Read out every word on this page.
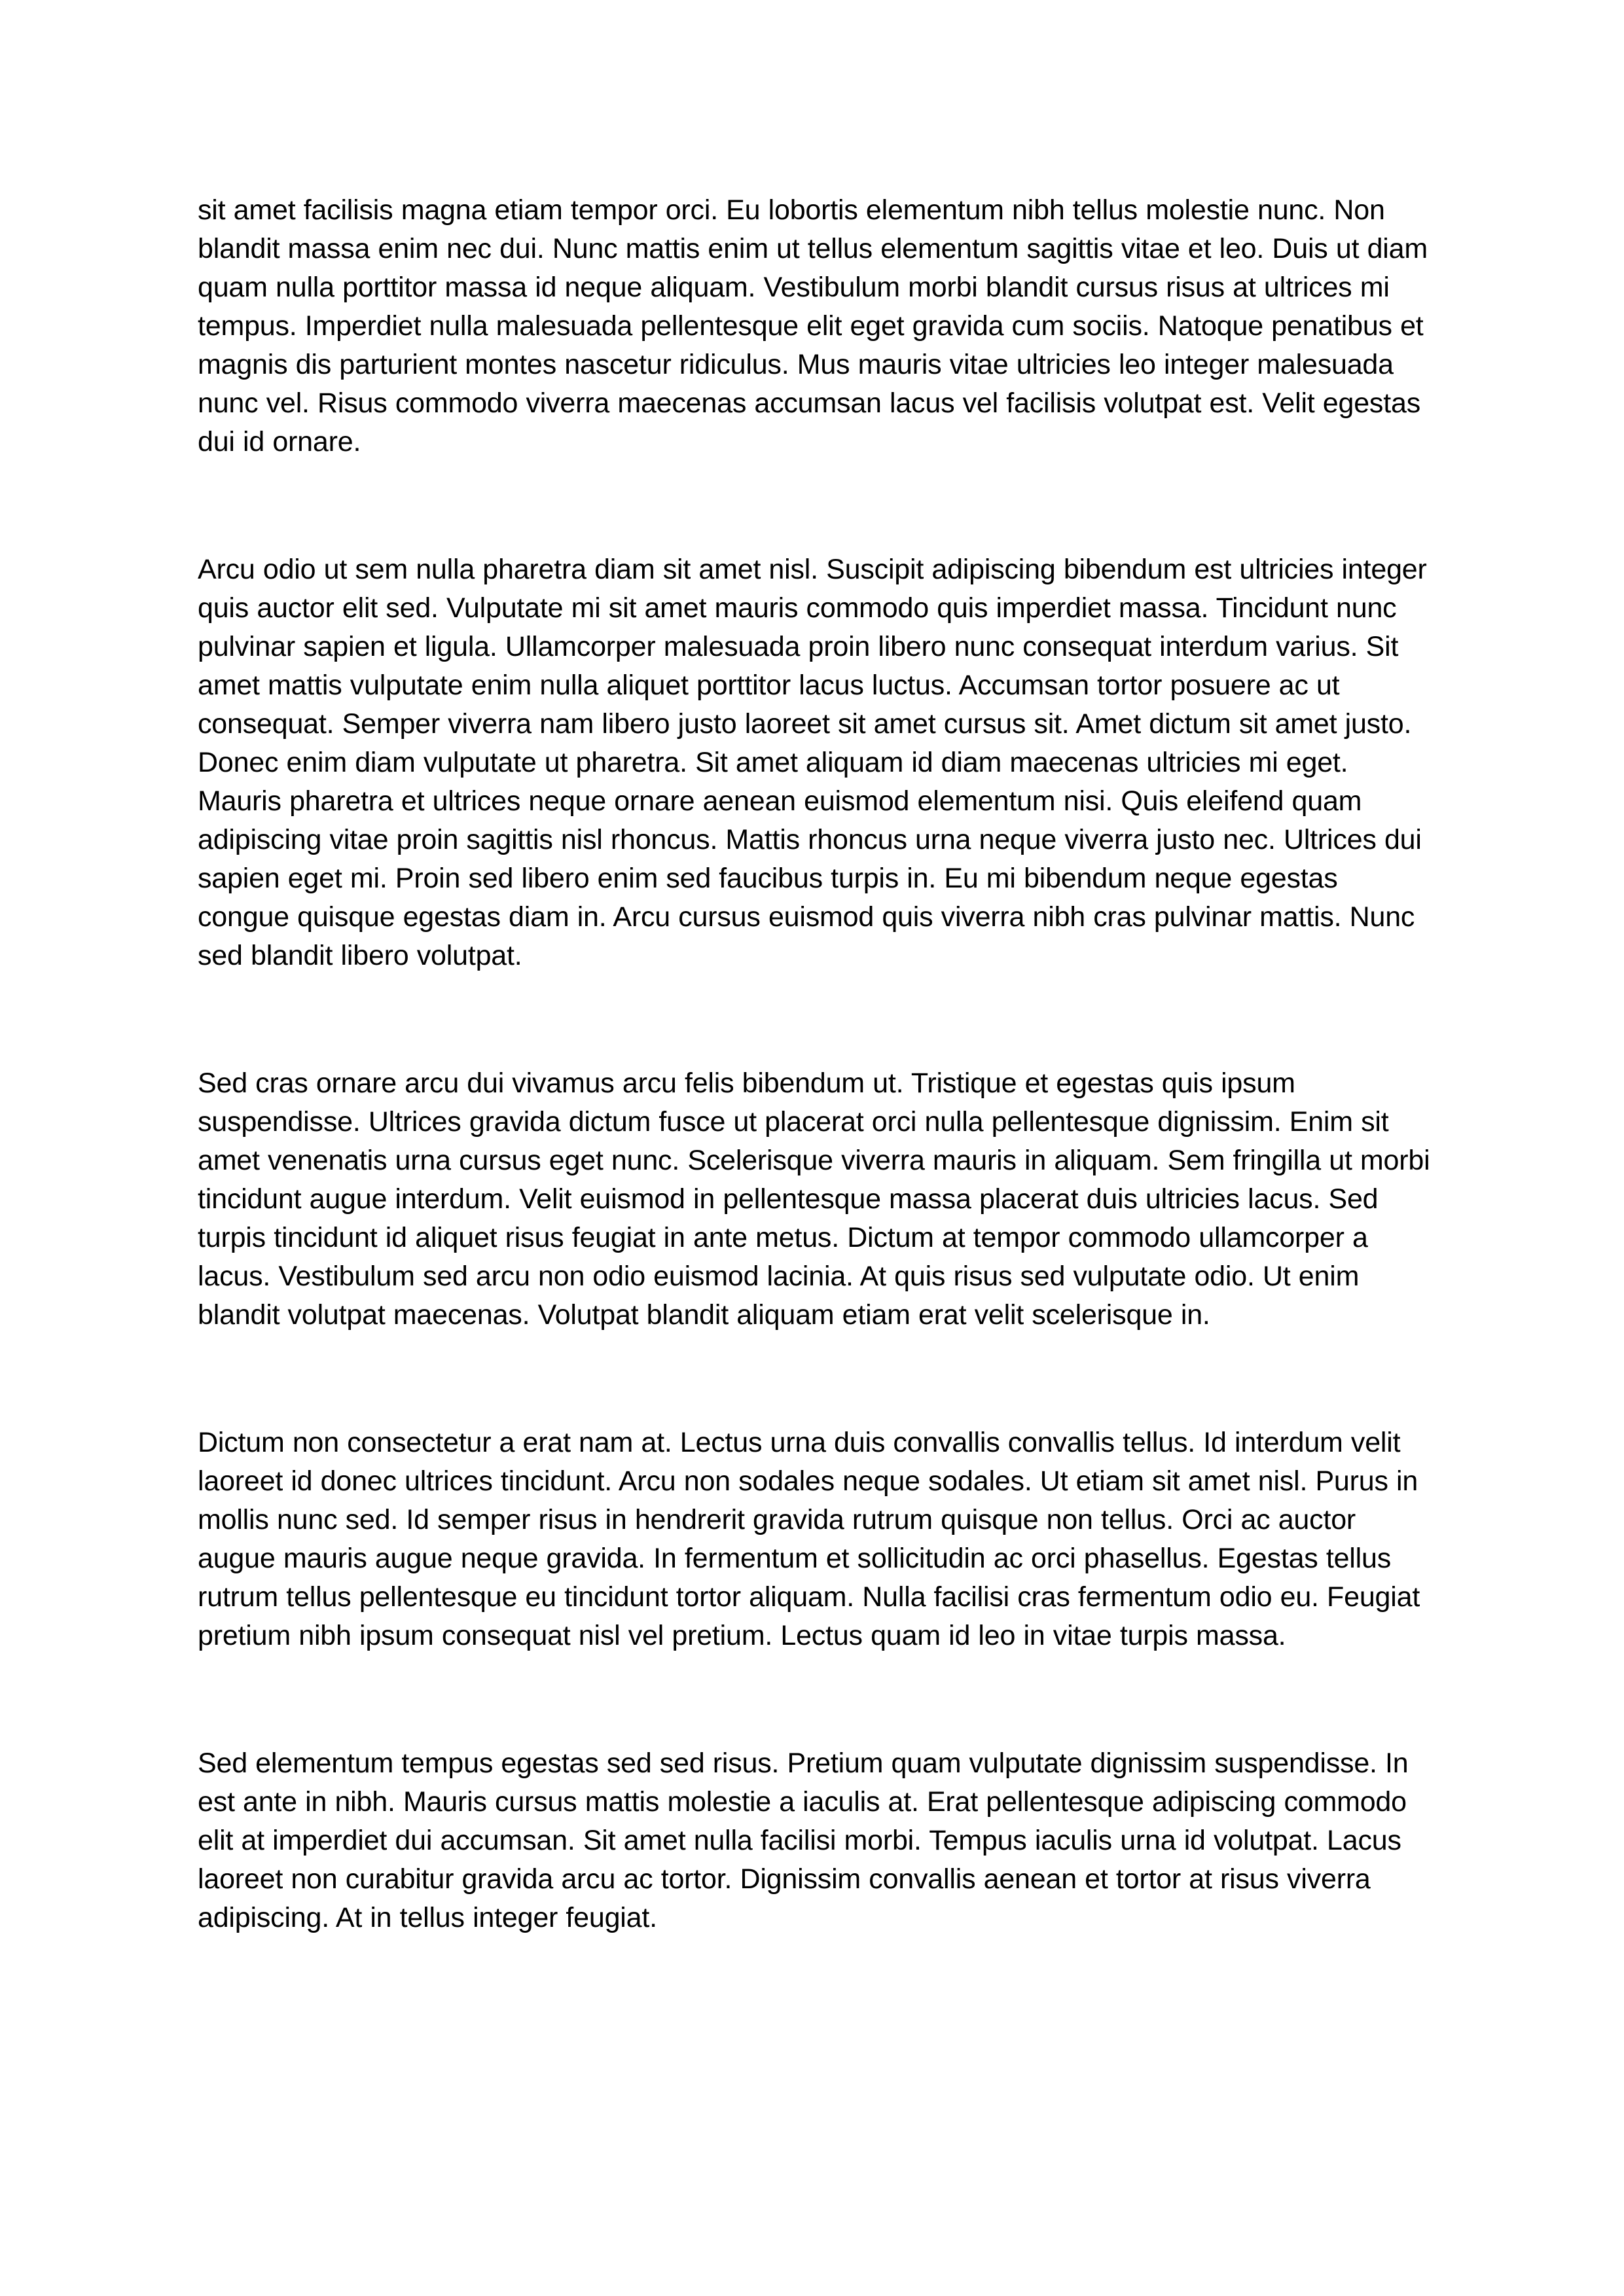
sit amet facilisis magna etiam tempor orci. Eu lobortis elementum nibh tellus molestie nunc. Non blandit massa enim nec dui. Nunc mattis enim ut tellus elementum sagittis vitae et leo. Duis ut diam quam nulla porttitor massa id neque aliquam. Vestibulum morbi blandit cursus risus at ultrices mi tempus. Imperdiet nulla malesuada pellentesque elit eget gravida cum sociis. Natoque penatibus et magnis dis parturient montes nascetur ridiculus. Mus mauris vitae ultricies leo integer malesuada nunc vel. Risus commodo viverra maecenas accumsan lacus vel facilisis volutpat est. Velit egestas dui id ornare.

Arcu odio ut sem nulla pharetra diam sit amet nisl. Suscipit adipiscing bibendum est ultricies integer quis auctor elit sed. Vulputate mi sit amet mauris commodo quis imperdiet massa. Tincidunt nunc pulvinar sapien et ligula. Ullamcorper malesuada proin libero nunc consequat interdum varius. Sit amet mattis vulputate enim nulla aliquet porttitor lacus luctus. Accumsan tortor posuere ac ut consequat. Semper viverra nam libero justo laoreet sit amet cursus sit. Amet dictum sit amet justo. Donec enim diam vulputate ut pharetra. Sit amet aliquam id diam maecenas ultricies mi eget. Mauris pharetra et ultrices neque ornare aenean euismod elementum nisi. Quis eleifend quam adipiscing vitae proin sagittis nisl rhoncus. Mattis rhoncus urna neque viverra justo nec. Ultrices dui sapien eget mi. Proin sed libero enim sed faucibus turpis in. Eu mi bibendum neque egestas congue quisque egestas diam in. Arcu cursus euismod quis viverra nibh cras pulvinar mattis. Nunc sed blandit libero volutpat.

Sed cras ornare arcu dui vivamus arcu felis bibendum ut. Tristique et egestas quis ipsum suspendisse. Ultrices gravida dictum fusce ut placerat orci nulla pellentesque dignissim. Enim sit amet venenatis urna cursus eget nunc. Scelerisque viverra mauris in aliquam. Sem fringilla ut morbi tincidunt augue interdum. Velit euismod in pellentesque massa placerat duis ultricies lacus. Sed turpis tincidunt id aliquet risus feugiat in ante metus. Dictum at tempor commodo ullamcorper a lacus. Vestibulum sed arcu non odio euismod lacinia. At quis risus sed vulputate odio. Ut enim blandit volutpat maecenas. Volutpat blandit aliquam etiam erat velit scelerisque in.

Dictum non consectetur a erat nam at. Lectus urna duis convallis convallis tellus. Id interdum velit laoreet id donec ultrices tincidunt. Arcu non sodales neque sodales. Ut etiam sit amet nisl. Purus in mollis nunc sed. Id semper risus in hendrerit gravida rutrum quisque non tellus. Orci ac auctor augue mauris augue neque gravida. In fermentum et sollicitudin ac orci phasellus. Egestas tellus rutrum tellus pellentesque eu tincidunt tortor aliquam. Nulla facilisi cras fermentum odio eu. Feugiat pretium nibh ipsum consequat nisl vel pretium. Lectus quam id leo in vitae turpis massa.

Sed elementum tempus egestas sed sed risus. Pretium quam vulputate dignissim suspendisse. In est ante in nibh. Mauris cursus mattis molestie a iaculis at. Erat pellentesque adipiscing commodo elit at imperdiet dui accumsan. Sit amet nulla facilisi morbi. Tempus iaculis urna id volutpat. Lacus laoreet non curabitur gravida arcu ac tortor. Dignissim convallis aenean et tortor at risus viverra adipiscing. At in tellus integer feugiat.
